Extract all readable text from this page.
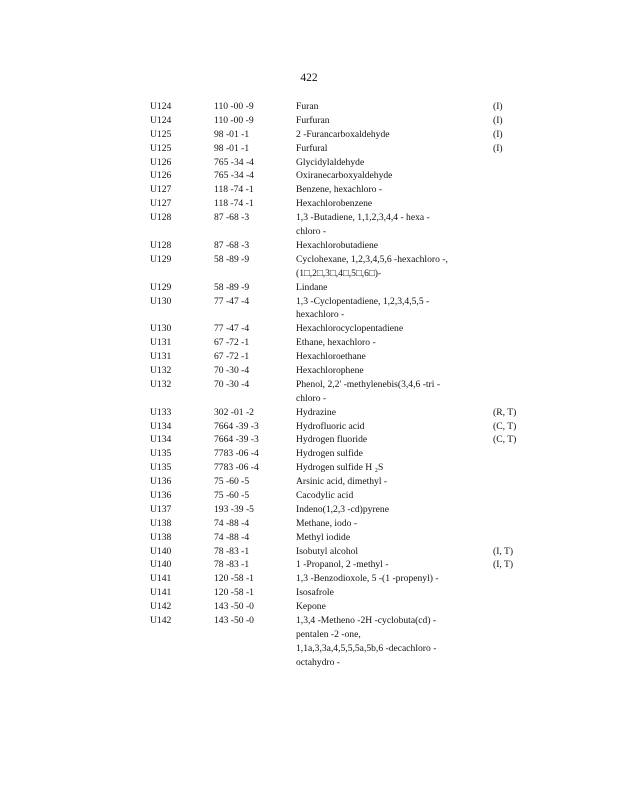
422
U124	110 -00 -9	Furan	(I)
U124	110 -00 -9	Furfuran	(I)
U125	98 -01 -1	2 -Furancarboxaldehyde	(I)
U125	98 -01 -1	Furfural	(I)
U126	765 -34 -4	Glycidylaldehyde
U126	765 -34 -4	Oxiranecarboxyaldehyde
U127	118 -74 -1	Benzene, hexachloro -
U127	118 -74 -1	Hexachlorobenzene
U128	87 -68 -3	1,3 -Butadiene, 1,1,2,3,4,4 - hexa -
chloro -
U128	87 -68 -3	Hexachlorobutadiene
U129	58 -89 -9	Cyclohexane, 1,2,3,4,5,6 -hexachloro -,
(1□,2□,3□,4□,5□,6□)-
U129	58 -89 -9	Lindane
U130	77 -47 -4	1,3 -Cyclopentadiene, 1,2,3,4,5,5 -
hexachloro -
U130	77 -47 -4	Hexachlorocyclopentadiene
U131	67 -72 -1	Ethane, hexachloro -
U131	67 -72 -1	Hexachloroethane
U132	70 -30 -4	Hexachlorophene
U132	70 -30 -4	Phenol, 2,2' -methylenebis(3,4,6 -tri -
chloro -
U133	302 -01 -2	Hydrazine	(R, T)
U134	7664 -39 -3	Hydrofluoric acid	(C, T)
U134	7664 -39 -3	Hydrogen fluoride	(C, T)
U135	7783 -06 -4	Hydrogen sulfide
U135	7783 -06 -4	Hydrogen sulfide H ₂S
U136	75 -60 -5	Arsinic acid, dimethyl -
U136	75 -60 -5	Cacodylic acid
U137	193 -39 -5	Indeno(1,2,3 -cd)pyrene
U138	74 -88 -4	Methane, iodo -
U138	74 -88 -4	Methyl iodide
U140	78 -83 -1	Isobutyl alcohol	(I, T)
U140	78 -83 -1	1 -Propanol, 2 -methyl -	(I, T)
U141	120 -58 -1	1,3 -Benzodioxole, 5 -(1 -propenyl) -
U141	120 -58 -1	Isosafrole
U142	143 -50 -0	Kepone
U142	143 -50 -0	1,3,4 -Metheno -2H -cyclobuta(cd) -
pentalen -2 -one,
1,1a,3,3a,4,5,5,5a,5b,6 -decachloro -
octahydro -
